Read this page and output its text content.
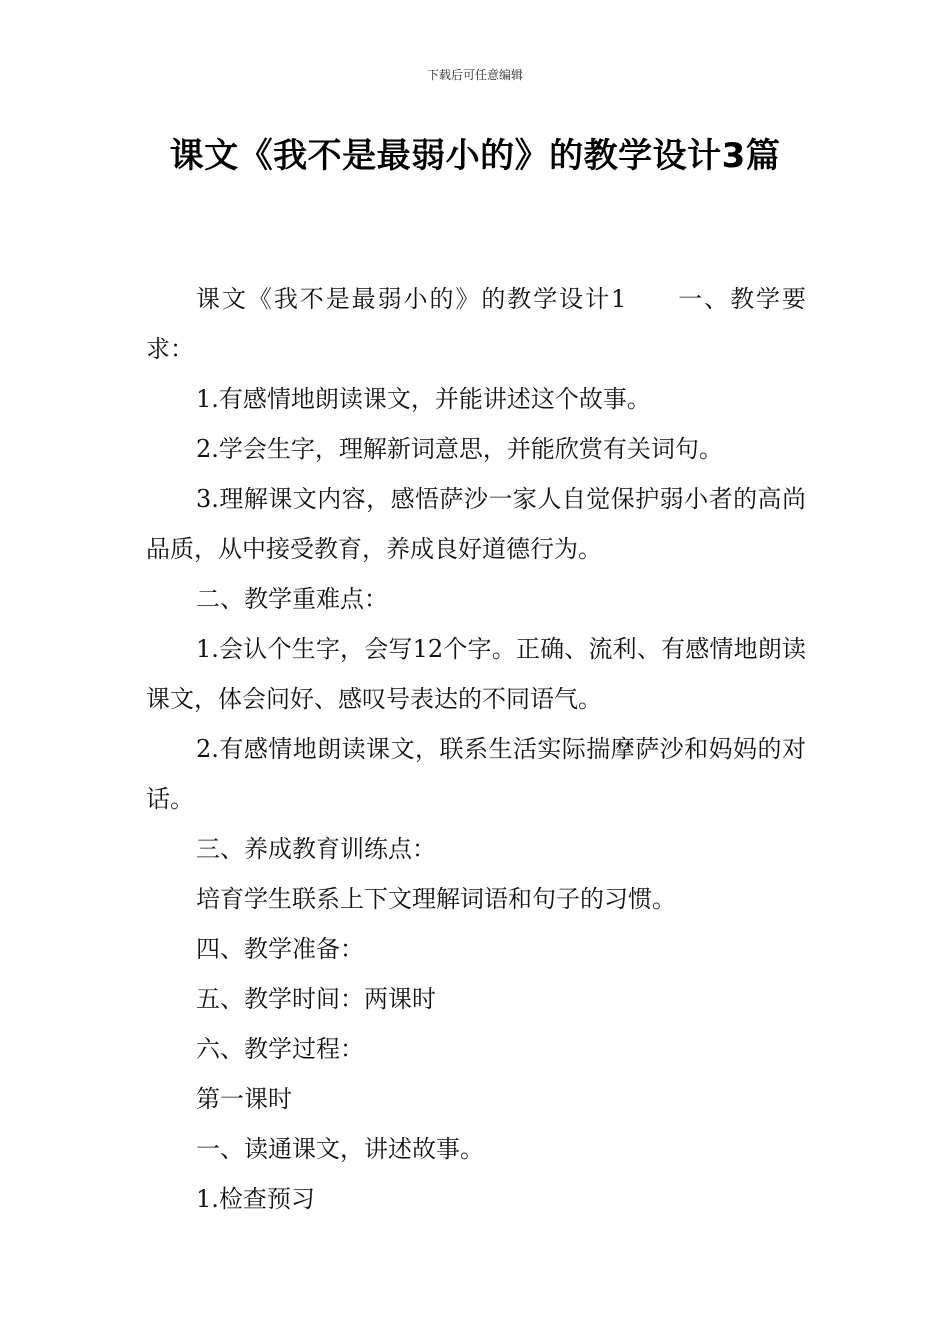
下载后可任意编辑
课文《我不是最弱小的》的教学设计3篇

课文《我不是最弱小的》的教学设计1 一、教学要求：

1.有感情地朗读课文，并能讲述这个故事。

2.学会生字，理解新词意思，并能欣赏有关词句。

3.理解课文内容，感悟萨沙一家人自觉保护弱小者的高尚品质，从中接受教育，养成良好道德行为。

二、教学重难点：

1.会认个生字，会写12个字。正确、流利、有感情地朗读课文，体会问好、感叹号表达的不同语气。

2.有感情地朗读课文，联系生活实际揣摩萨沙和妈妈的对话。

三、养成教育训练点：

培育学生联系上下文理解词语和句子的习惯。

四、教学准备：

五、教学时间：两课时

六、教学过程：

第一课时

一、读通课文，讲述故事。

1.检查预习
